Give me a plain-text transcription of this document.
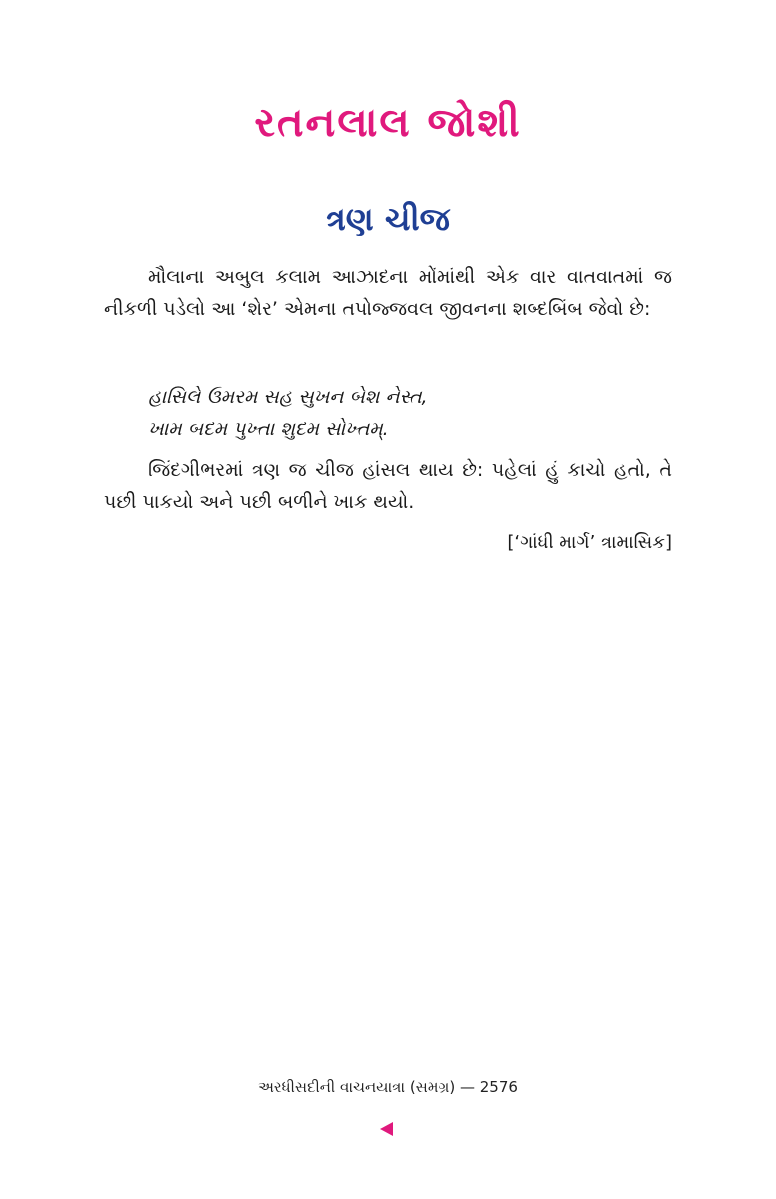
રતનલાલ જોશી
ત્રણ ચીજ

મૌલાના અબુલ કલામ આઝાદના મોંમાંથી એક વાર વાતવાતમાં જ નીકળી પડેલો આ ‘શેર’ એમના તપોજ્જવલ જીવનના શબ્દબિંબ જેવો છે:

હાસિલે ઉમરમ સહ સુખન બેશ નેસ્ત,

ખામ બદમ પુખ્તા શુદમ સોખ્તમ્.

જિંદગીભરમાં ત્રણ જ ચીજ હાંસલ થાય છે: પહેલાં હું કાચો હતો, તે પછી પાકયો અને પછી બળીને ખાક થયો.

[‘ગાંધી માર્ગ’ ત્રામાસિક]

અરધીસદીની વાચનયાત્રા (સમગ્ર) — 2576
